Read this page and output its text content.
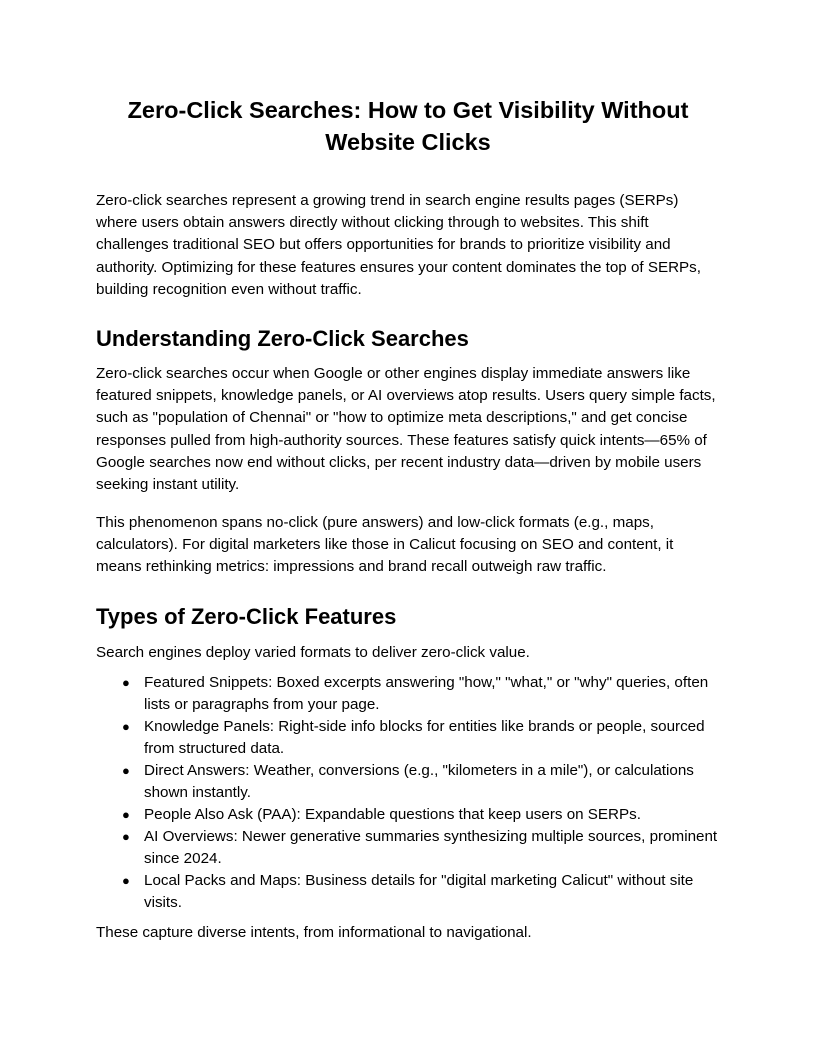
Zero-Click Searches: How to Get Visibility Without Website Clicks

Zero-click searches represent a growing trend in search engine results pages (SERPs) where users obtain answers directly without clicking through to websites. This shift challenges traditional SEO but offers opportunities for brands to prioritize visibility and authority. Optimizing for these features ensures your content dominates the top of SERPs, building recognition even without traffic.

Understanding Zero-Click Searches

Zero-click searches occur when Google or other engines display immediate answers like featured snippets, knowledge panels, or AI overviews atop results. Users query simple facts, such as "population of Chennai" or "how to optimize meta descriptions," and get concise responses pulled from high-authority sources. These features satisfy quick intents—65% of Google searches now end without clicks, per recent industry data—driven by mobile users seeking instant utility.

This phenomenon spans no-click (pure answers) and low-click formats (e.g., maps, calculators). For digital marketers like those in Calicut focusing on SEO and content, it means rethinking metrics: impressions and brand recall outweigh raw traffic.

Types of Zero-Click Features

Search engines deploy varied formats to deliver zero-click value.

● Featured Snippets: Boxed excerpts answering "how," "what," or "why" queries, often lists or paragraphs from your page.
● Knowledge Panels: Right-side info blocks for entities like brands or people, sourced from structured data.
● Direct Answers: Weather, conversions (e.g., "kilometers in a mile"), or calculations shown instantly.
● People Also Ask (PAA): Expandable questions that keep users on SERPs.
● AI Overviews: Newer generative summaries synthesizing multiple sources, prominent since 2024.
● Local Packs and Maps: Business details for "digital marketing Calicut" without site visits.

These capture diverse intents, from informational to navigational.
